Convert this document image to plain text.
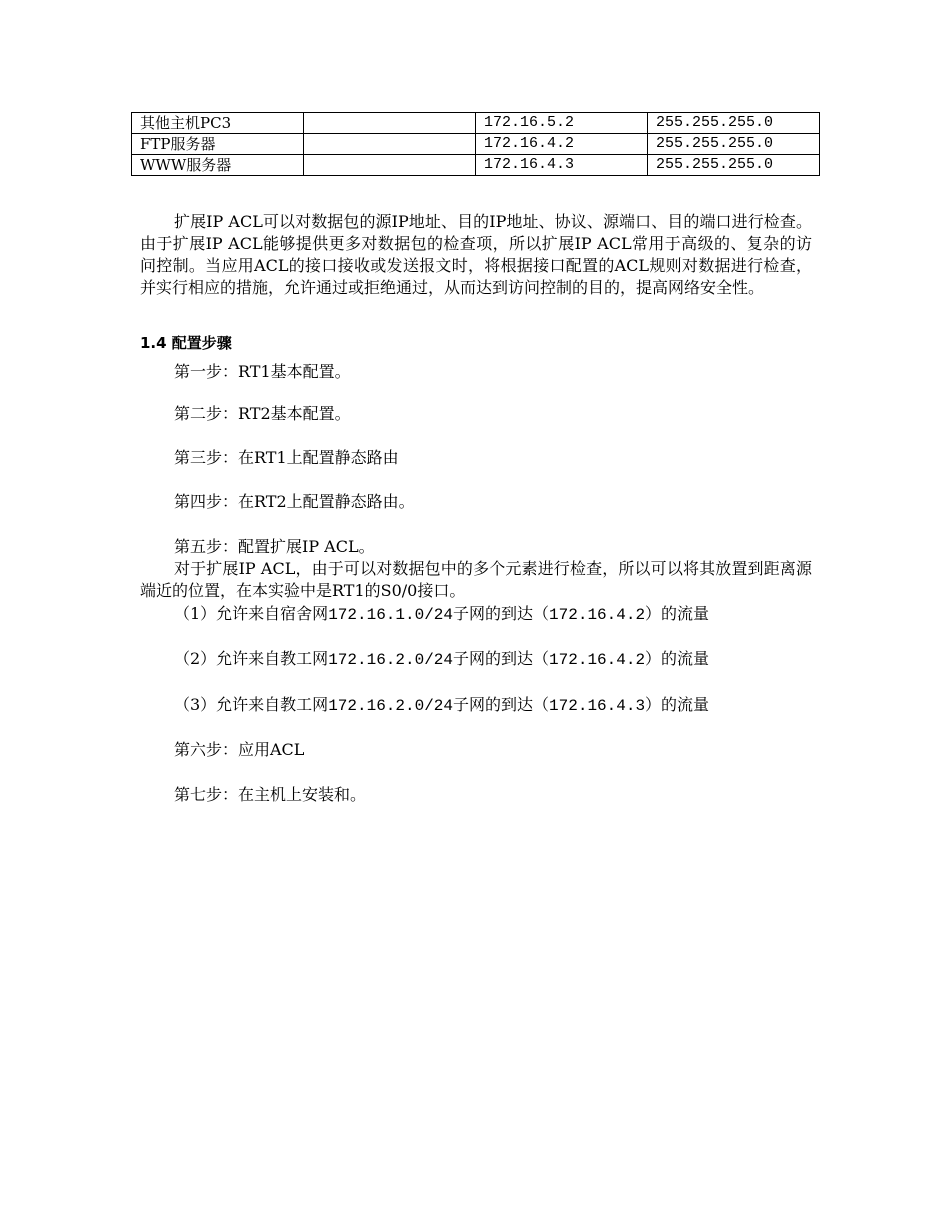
其他主机PC3		172.16.5.2	255.255.255.0
FTP服务器		172.16.4.2	255.255.255.0
WWW服务器		172.16.4.3	255.255.255.0

扩展IP ACL可以对数据包的源IP地址、目的IP地址、协议、源端口、目的端口进行检查。由于扩展IP ACL能够提供更多对数据包的检查项，所以扩展IP ACL常用于高级的、复杂的访问控制。当应用ACL的接口接收或发送报文时，将根据接口配置的ACL规则对数据进行检查，并实行相应的措施，允许通过或拒绝通过，从而达到访问控制的目的，提高网络安全性。

1.4 配置步骤

第一步：RT1基本配置。

第二步：RT2基本配置。

第三步：在RT1上配置静态路由

第四步：在RT2上配置静态路由。

第五步：配置扩展IP ACL。

对于扩展IP ACL，由于可以对数据包中的多个元素进行检查，所以可以将其放置到距离源端近的位置，在本实验中是RT1的S0/0接口。

（1）允许来自宿舍网172.16.1.0/24子网的到达（172.16.4.2）的流量

（2）允许来自教工网172.16.2.0/24子网的到达（172.16.4.2）的流量

（3）允许来自教工网172.16.2.0/24子网的到达（172.16.4.3）的流量

第六步：应用ACL

第七步：在主机上安装和。
